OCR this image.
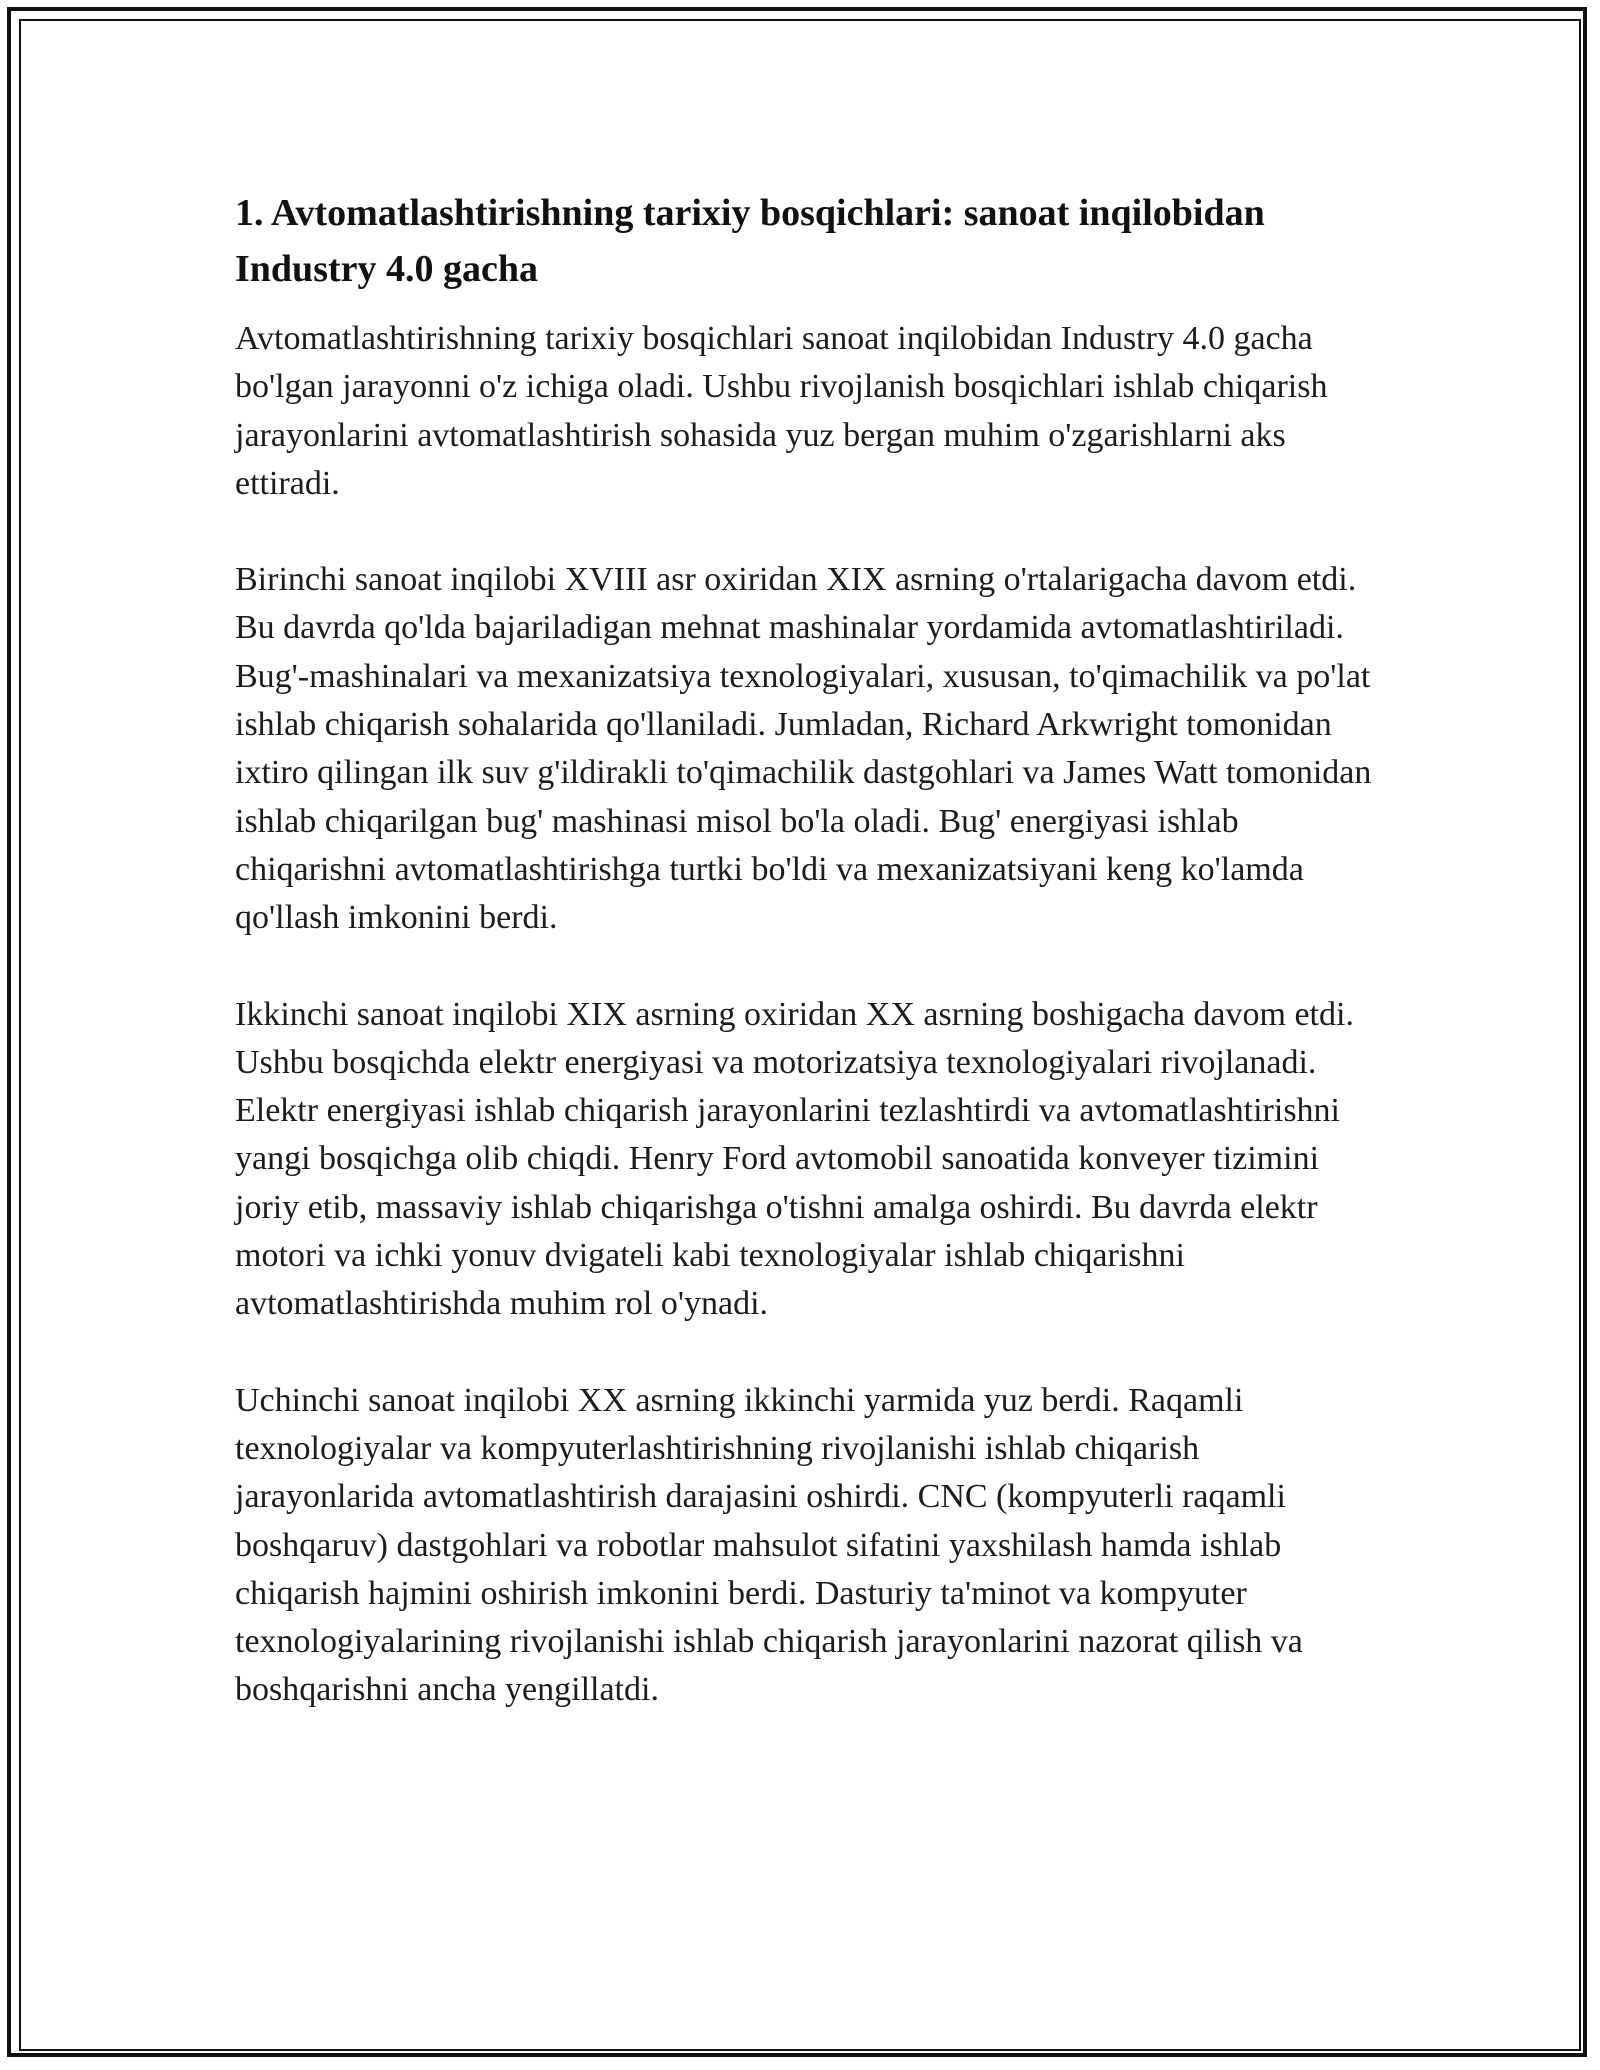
1. Avtomatlashtirishning tarixiy bosqichlari: sanoat inqilobidan Industry 4.0 gacha

Avtomatlashtirishning tarixiy bosqichlari sanoat inqilobidan Industry 4.0 gacha bo'lgan jarayonni o'z ichiga oladi. Ushbu rivojlanish bosqichlari ishlab chiqarish jarayonlarini avtomatlashtirish sohasida yuz bergan muhim o'zgarishlarni aks ettiradi.

Birinchi sanoat inqilobi XVIII asr oxiridan XIX asrning o'rtalarigacha davom etdi. Bu davrda qo'lda bajariladigan mehnat mashinalar yordamida avtomatlashtiriladi. Bug'-mashinalari va mexanizatsiya texnologiyalari, xususan, to'qimachilik va po'lat ishlab chiqarish sohalarida qo'llaniladi. Jumladan, Richard Arkwright tomonidan ixtiro qilingan ilk suv g'ildirakli to'qimachilik dastgohlari va James Watt tomonidan ishlab chiqarilgan bug' mashinasi misol bo'la oladi. Bug' energiyasi ishlab chiqarishni avtomatlashtirishga turtki bo'ldi va mexanizatsiyani keng ko'lamda qo'llash imkonini berdi.

Ikkinchi sanoat inqilobi XIX asrning oxiridan XX asrning boshigacha davom etdi. Ushbu bosqichda elektr energiyasi va motorizatsiya texnologiyalari rivojlanadi. Elektr energiyasi ishlab chiqarish jarayonlarini tezlashtirdi va avtomatlashtirishni yangi bosqichga olib chiqdi. Henry Ford avtomobil sanoatida konveyer tizimini joriy etib, massaviy ishlab chiqarishga o'tishni amalga oshirdi. Bu davrda elektr motori va ichki yonuv dvigateli kabi texnologiyalar ishlab chiqarishni avtomatlashtirishda muhim rol o'ynadi.

Uchinchi sanoat inqilobi XX asrning ikkinchi yarmida yuz berdi. Raqamli texnologiyalar va kompyuterlashtirishning rivojlanishi ishlab chiqarish jarayonlarida avtomatlashtirish darajasini oshirdi. CNC (kompyuterli raqamli boshqaruv) dastgohlari va robotlar mahsulot sifatini yaxshilash hamda ishlab chiqarish hajmini oshirish imkonini berdi. Dasturiy ta'minot va kompyuter texnologiyalarining rivojlanishi ishlab chiqarish jarayonlarini nazorat qilish va boshqarishni ancha yengillatdi.
